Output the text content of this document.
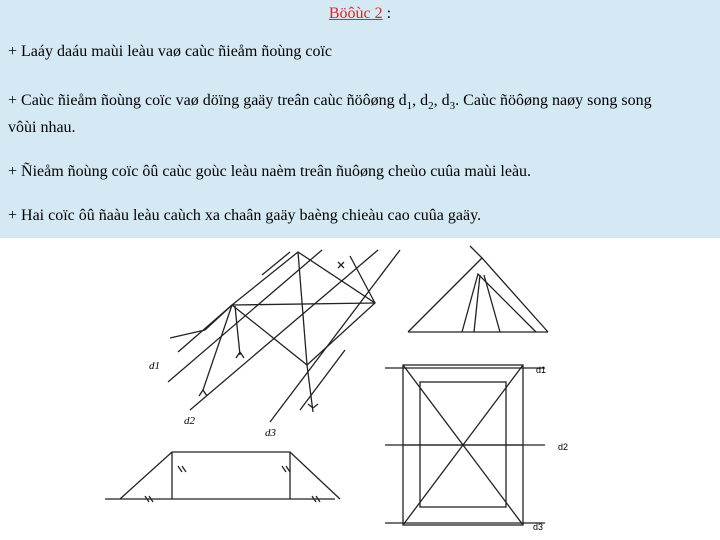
Böôùc 2 :
+ Laáy daáu maùi leàu vaø caùc ñieåm ñoùng coïc
+ Caùc ñieåm ñoùng coïc vaø döïng gaäy treân caùc ñöôøng $d_1$, $d_2$, $d_3$. Caùc ñöôøng naøy song song
vôùi nhau.
+ Ñieåm ñoùng coïc ôû caùc goùc leàu naèm treân ñuôøng cheùo cuûa maùi leàu.
+ Hai coïc ôû ñaàu leàu caùch xa chaân gaäy baèng chieàu cao cuûa gaäy.
d1
d2
d3
d1
d2
d3
